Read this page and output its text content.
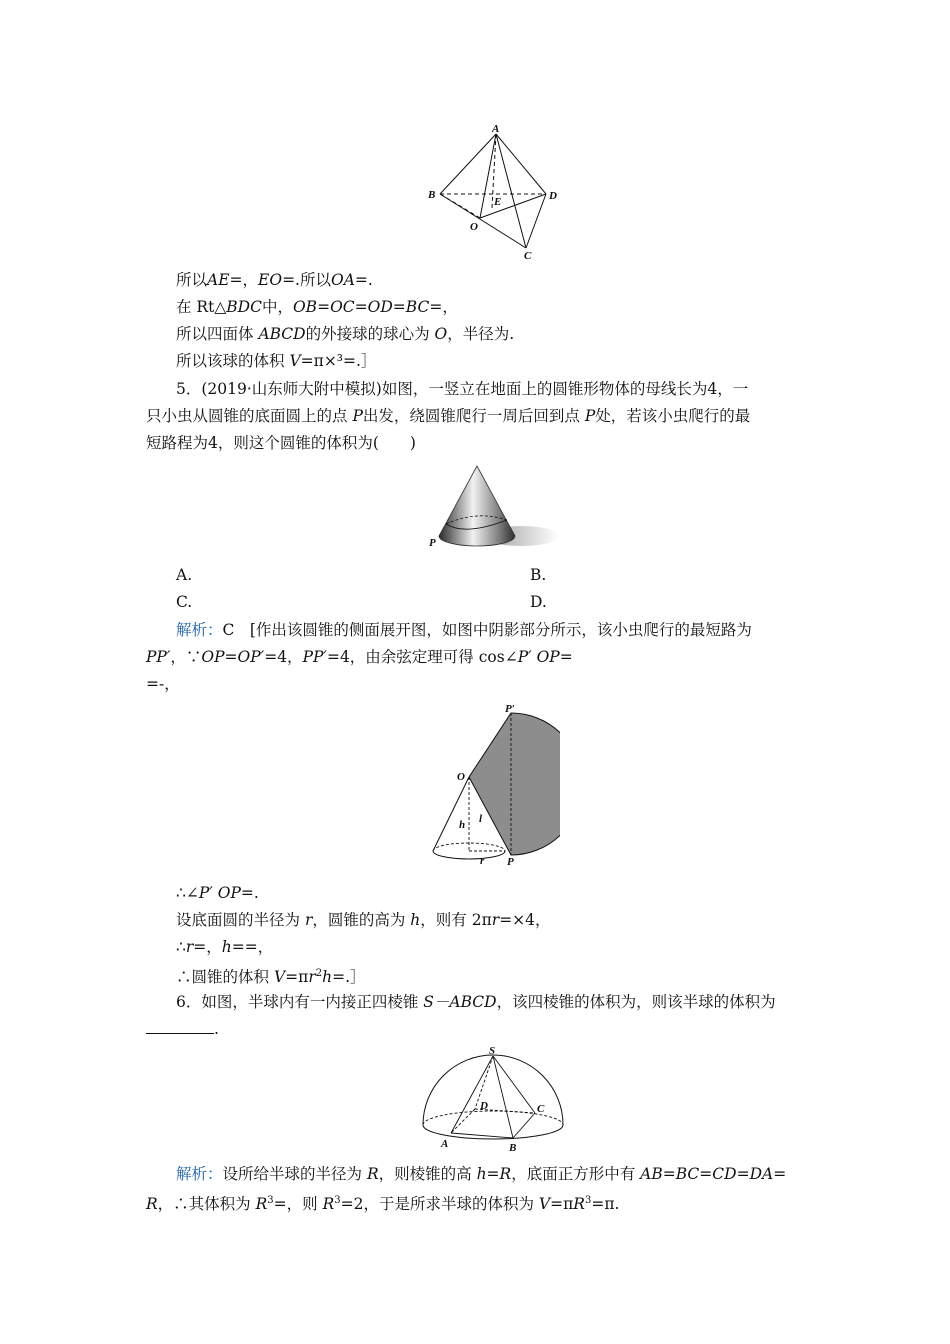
A
B	D
E
O
C
所以AE=，EO=.所以OA=.
在 Rt△BDC中，OB=OC=OD=BC=，
所以四面体 ABCD的外接球的球心为 O，半径为.
所以该球的体积 V=π×³=.］
5．(2019·山东师大附中模拟)如图，一竖立在地面上的圆锥形物体的母线长为4，一
只小虫从圆锥的底面圆上的点 P出发，绕圆锥爬行一周后回到点 P处，若该小虫爬行的最
短路程为4，则这个圆锥的体积为(　　)
P
A.	B.
C.	D.
解析：C　[作出该圆锥的侧面展开图，如图中阴影部分所示，该小虫爬行的最短路为
PP′，∵OP=OP′=4，PP′=4，由余弦定理可得 cos∠P′ OP=
=-，
P′
O
h l
r P
∴∠P′ OP=.
设底面圆的半径为 r，圆锥的高为 h，则有 2πr=×4，
∴r=，h==，
∴圆锥的体积 $V=\pi r^2h=.]$
6．如图，半球内有一内接正四棱锥 S－ABCD，该四棱锥的体积为，则该半球的体积为
.
S
D	C
A	B
解析：设所给半球的半径为 R，则棱锥的高 h=R，底面正方形中有 AB=BC=CD=DA=
R，∴其体积为 $R^3=$，则 $R^3=2$，于是所求半球的体积为 $V=\pi R^3=\pi$.
